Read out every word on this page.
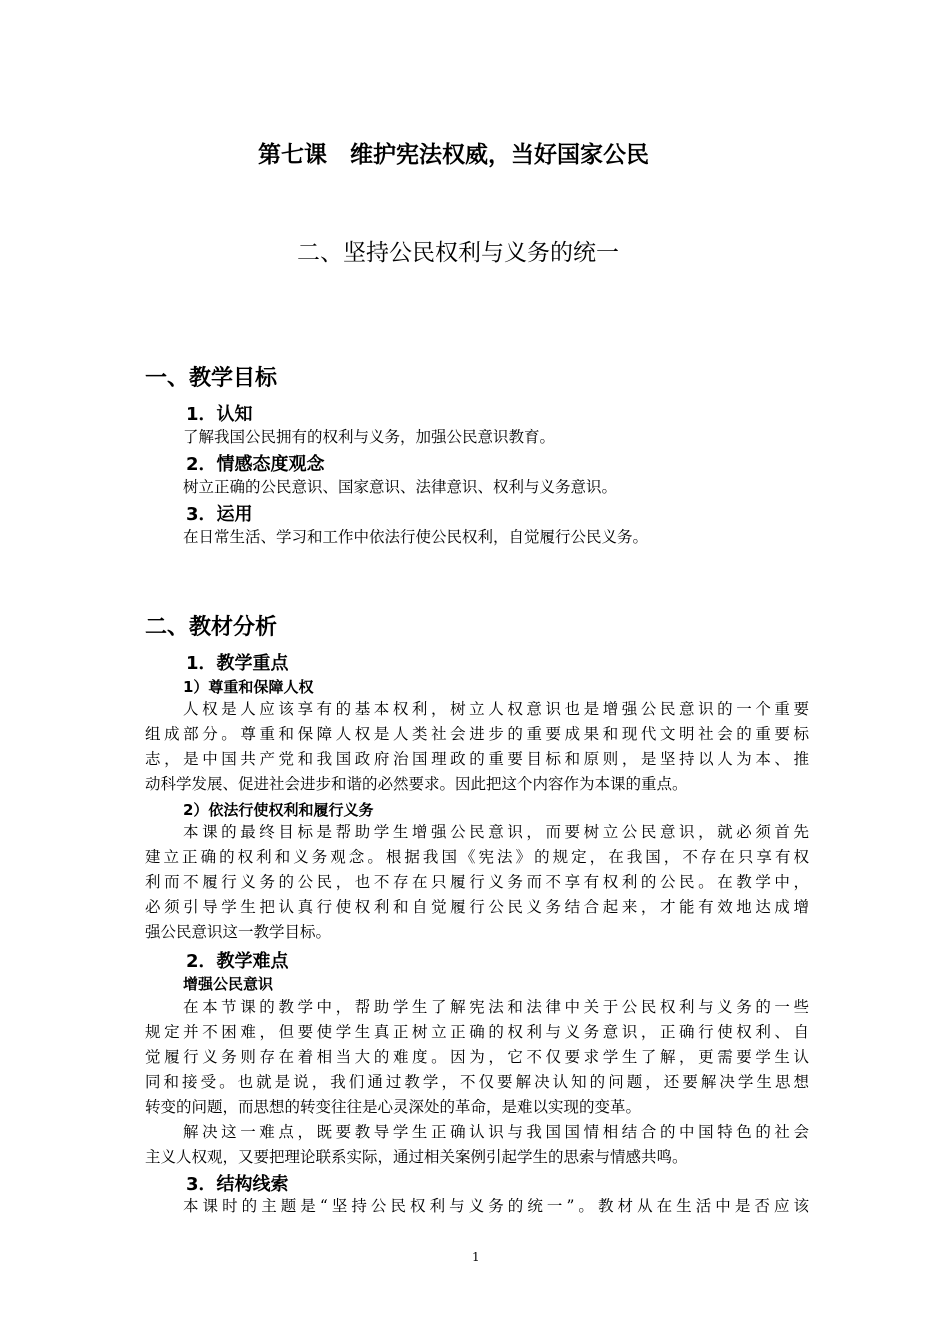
第七课　维护宪法权威，当好国家公民
二、坚持公民权利与义务的统一
一、教学目标
1．认知
了解我国公民拥有的权利与义务，加强公民意识教育。
2．情感态度观念
树立正确的公民意识、国家意识、法律意识、权利与义务意识。
3．运用
在日常生活、学习和工作中依法行使公民权利，自觉履行公民义务。
二、教材分析
1．教学重点
1）尊重和保障人权
人权是人应该享有的基本权利，树立人权意识也是增强公民意识的一个重要
组成部分。尊重和保障人权是人类社会进步的重要成果和现代文明社会的重要标
志，是中国共产党和我国政府治国理政的重要目标和原则，是坚持以人为本、推
动科学发展、促进社会进步和谐的必然要求。因此把这个内容作为本课的重点。
2）依法行使权利和履行义务
本课的最终目标是帮助学生增强公民意识，而要树立公民意识，就必须首先
建立正确的权利和义务观念。根据我国《宪法》的规定，在我国，不存在只享有权
利而不履行义务的公民，也不存在只履行义务而不享有权利的公民。在教学中，
必须引导学生把认真行使权利和自觉履行公民义务结合起来，才能有效地达成增
强公民意识这一教学目标。
2．教学难点
增强公民意识
在本节课的教学中，帮助学生了解宪法和法律中关于公民权利与义务的一些
规定并不困难，但要使学生真正树立正确的权利与义务意识，正确行使权利、自
觉履行义务则存在着相当大的难度。因为，它不仅要求学生了解，更需要学生认
同和接受。也就是说，我们通过教学，不仅要解决认知的问题，还要解决学生思想
转变的问题，而思想的转变往往是心灵深处的革命，是难以实现的变革。
解决这一难点，既要教导学生正确认识与我国国情相结合的中国特色的社会
主义人权观，又要把理论联系实际，通过相关案例引起学生的思索与情感共鸣。
3．结构线索
本课时的主题是“坚持公民权利与义务的统一”。教材从在生活中是否应该
1
